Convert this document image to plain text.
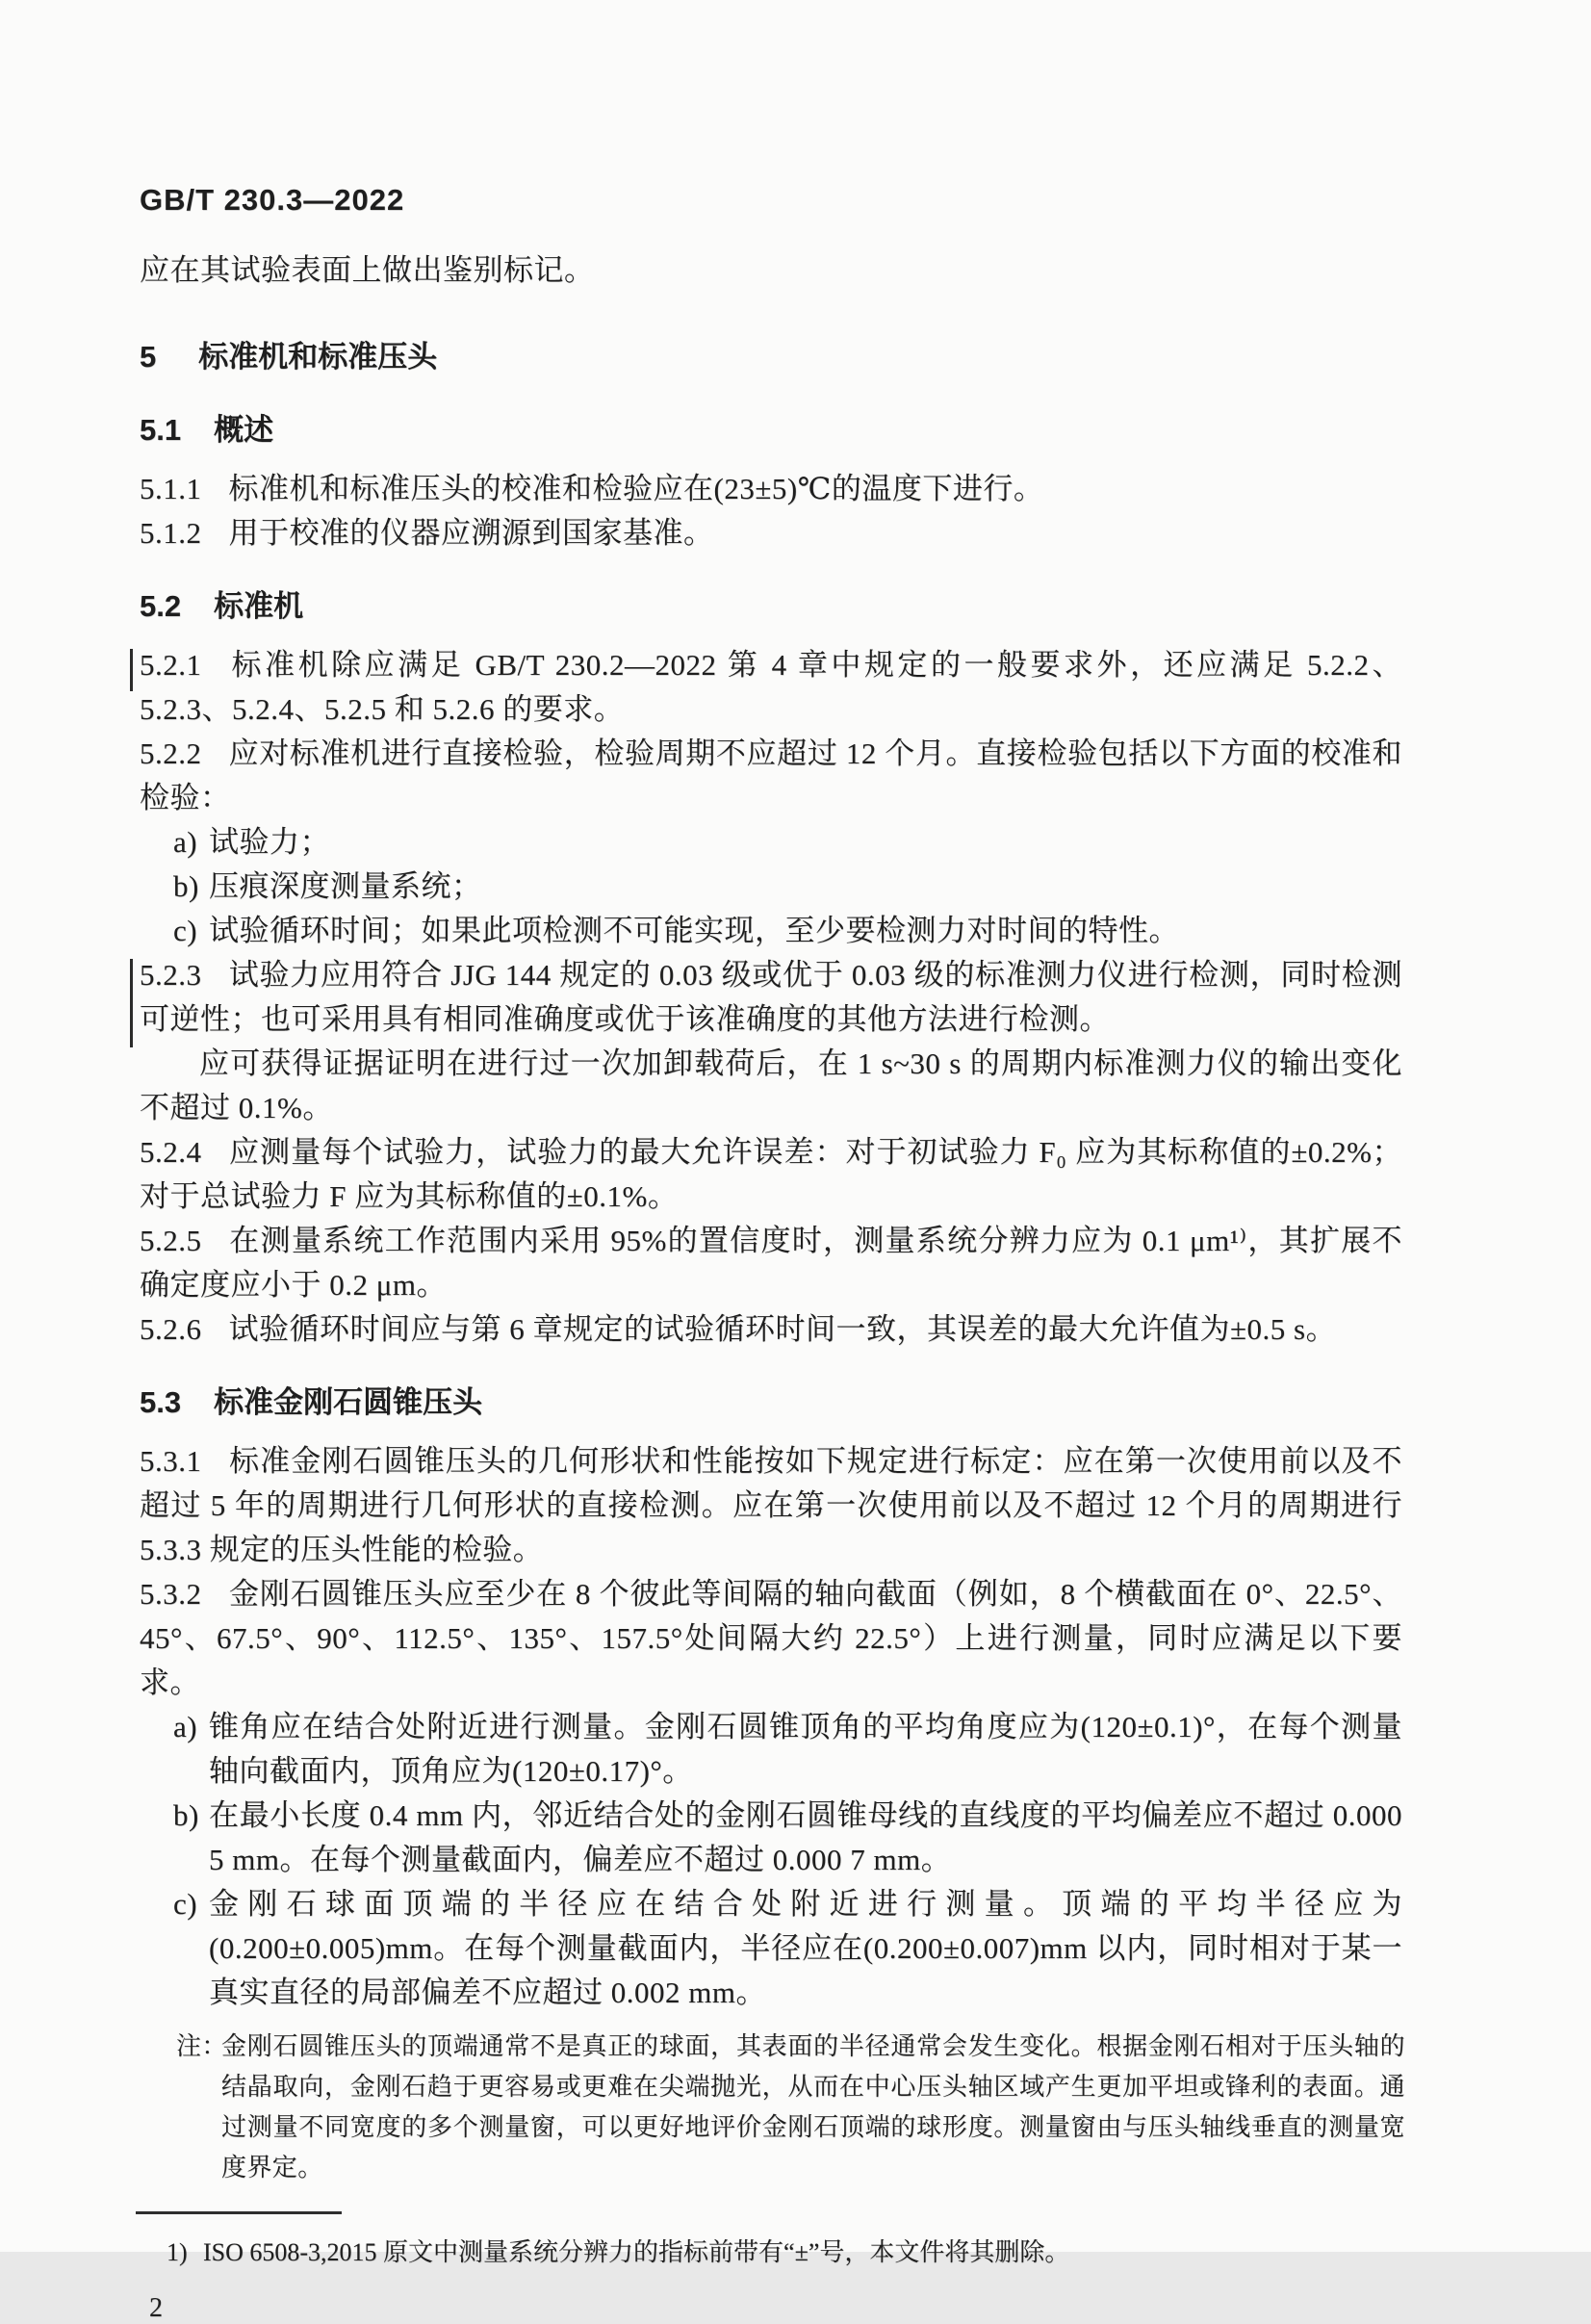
GB/T 230.3—2022

应在其试验表面上做出鉴别标记。

5 标准机和标准压头

5.1 概述

5.1.1 标准机和标准压头的校准和检验应在(23±5)℃的温度下进行。

5.1.2 用于校准的仪器应溯源到国家基准。

5.2 标准机

5.2.1 标准机除应满足 GB/T 230.2—2022 第 4 章中规定的一般要求外，还应满足 5.2.2、5.2.3、5.2.4、5.2.5 和 5.2.6 的要求。

5.2.2 应对标准机进行直接检验，检验周期不应超过 12 个月。直接检验包括以下方面的校准和检验：

a) 试验力；

b) 压痕深度测量系统；

c) 试验循环时间；如果此项检测不可能实现，至少要检测力对时间的特性。

5.2.3 试验力应用符合 JJG 144 规定的 0.03 级或优于 0.03 级的标准测力仪进行检测，同时检测可逆性；也可采用具有相同准确度或优于该准确度的其他方法进行检测。

应可获得证据证明在进行过一次加卸载荷后，在 1 s~30 s 的周期内标准测力仪的输出变化不超过 0.1%。

5.2.4 应测量每个试验力，试验力的最大允许误差：对于初试验力 F₀ 应为其标称值的±0.2%；对于总试验力 F 应为其标称值的±0.1%。

5.2.5 在测量系统工作范围内采用 95%的置信度时，测量系统分辨力应为 0.1 μm¹⁾，其扩展不确定度应小于 0.2 μm。

5.2.6 试验循环时间应与第 6 章规定的试验循环时间一致，其误差的最大允许值为±0.5 s。

5.3 标准金刚石圆锥压头

5.3.1 标准金刚石圆锥压头的几何形状和性能按如下规定进行标定：应在第一次使用前以及不超过 5 年的周期进行几何形状的直接检测。应在第一次使用前以及不超过 12 个月的周期进行 5.3.3 规定的压头性能的检验。

5.3.2 金刚石圆锥压头应至少在 8 个彼此等间隔的轴向截面（例如，8 个横截面在 0°、22.5°、45°、67.5°、90°、112.5°、135°、157.5°处间隔大约 22.5°）上进行测量，同时应满足以下要求。

a) 锥角应在结合处附近进行测量。金刚石圆锥顶角的平均角度应为(120±0.1)°，在每个测量轴向截面内，顶角应为(120±0.17)°。

b) 在最小长度 0.4 mm 内，邻近结合处的金刚石圆锥母线的直线度的平均偏差应不超过 0.000 5 mm。在每个测量截面内，偏差应不超过 0.000 7 mm。

c) 金刚石球面顶端的半径应在结合处附近进行测量。顶端的平均半径应为(0.200±0.005)mm。在每个测量截面内，半径应在(0.200±0.007)mm 以内，同时相对于某一真实直径的局部偏差不应超过 0.002 mm。

注：
金刚石圆锥压头的顶端通常不是真正的球面，其表面的半径通常会发生变化。根据金刚石相对于压头轴的结晶取向，金刚石趋于更容易或更难在尖端抛光，从而在中心压头轴区域产生更加平坦或锋利的表面。通过测量不同宽度的多个测量窗，可以更好地评价金刚石顶端的球形度。测量窗由与压头轴线垂直的测量宽度界定。

1) ISO 6508-3,2015 原文中测量系统分辨力的指标前带有“±”号，本文件将其删除。

2
